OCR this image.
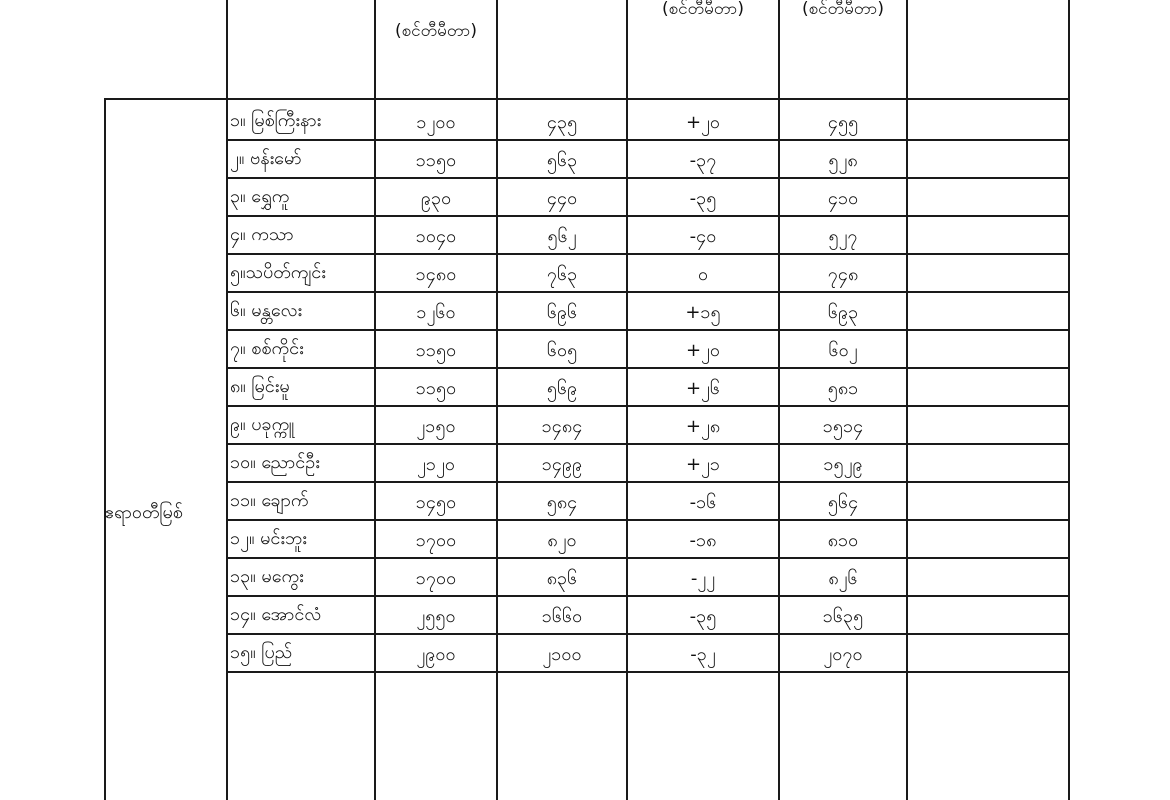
(စင်တီမီတာ)
(စင်တီမီတာ)	(စင်တီမီတာ)
ဧရာဝတီမြစ်
၁။ မြစ်ကြီးနား	၁၂၀၀	၄၃၅	+၂၀	၄၅၅
၂။ ဗန်းမော်	၁၁၅၀	၅၆၃	-၃၇	၅၂၈
၃။ ရွှေကူ	၉၃၀	၄၄၀	-၃၅	၄၁၀
၄။ ကသာ	၁၀၄၀	၅၆၂	-၄၀	၅၂၇
၅။သပိတ်ကျင်း	၁၄၈၀	၇၆၃	၀	၇၄၈
၆။ မန္တလေး	၁၂၆၀	၆၉၆	+၁၅	၆၉၃
၇။ စစ်ကိုင်း	၁၁၅၀	၆၀၅	+၂၀	၆၀၂
၈။ မြင်းမူ	၁၁၅၀	၅၆၉	+၂၆	၅၈၁
၉။ ပခုက္ကူ	၂၁၅၀	၁၄၈၄	+၂၈	၁၅၁၄
၁၀။ ညောင်ဦး	၂၁၂၀	၁၄၉၉	+၂၁	၁၅၂၉
၁၁။ ချောက်	၁၄၅၀	၅၈၄	-၁၆	၅၆၄
၁၂။ မင်းဘူး	၁၇၀၀	၈၂၀	-၁၈	၈၁၀
၁၃။ မကွေး	၁၇၀၀	၈၃၆	-၂၂	၈၂၆
၁၄။ အောင်လံ	၂၅၅၀	၁၆၆၀	-၃၅	၁၆၃၅
၁၅။ ပြည်	၂၉၀၀	၂၁၀၀	-၃၂	၂၀၇၀
